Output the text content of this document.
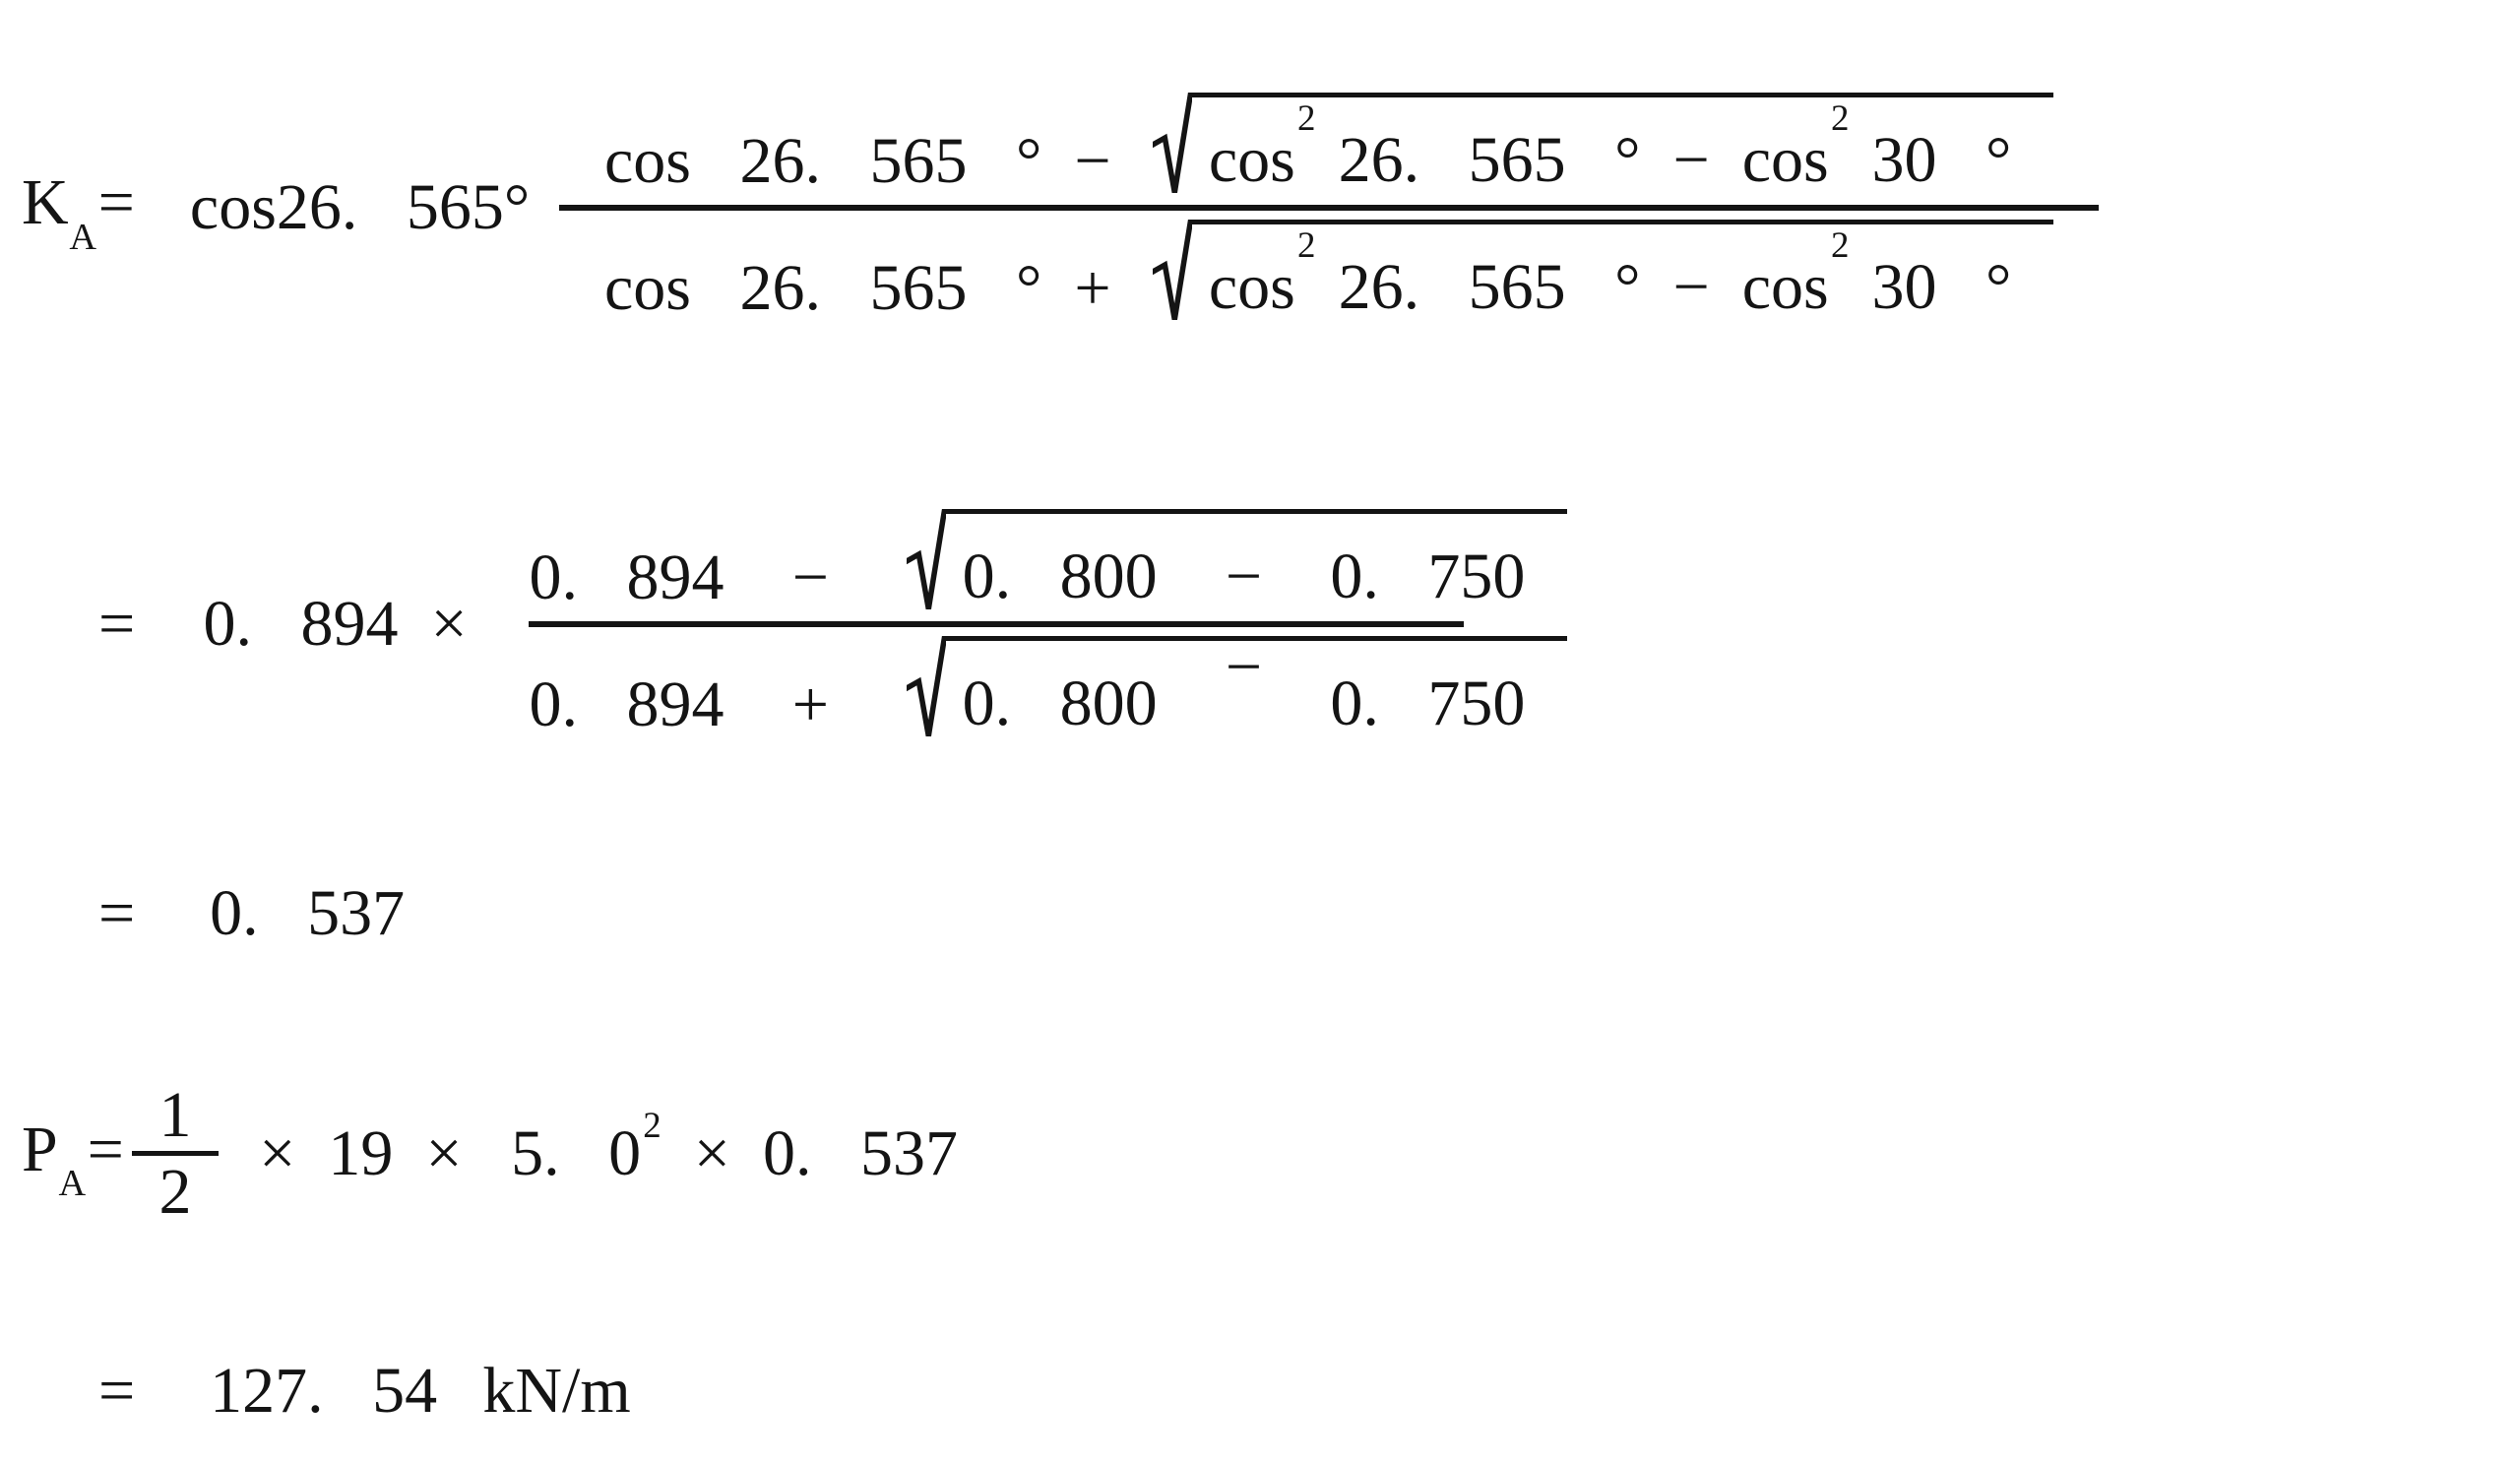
$K_A= \cos 26$. 565°
cos 26. 565 ° − $\cos^226$. 565 ° − $\cos^230$ °
cos 26. 565 ° + $\cos^226$. 565 ° − $\cos^230$ °
= 0. 894 ×
0. 894 − 0. 800 − 0. 750
0. 894 + 0. 800 − 0. 750
= 0. 537
$P_A= 1$
2
× 19 × 5. $0^2 \times 0$. 537
= 127. 54 kN/m
